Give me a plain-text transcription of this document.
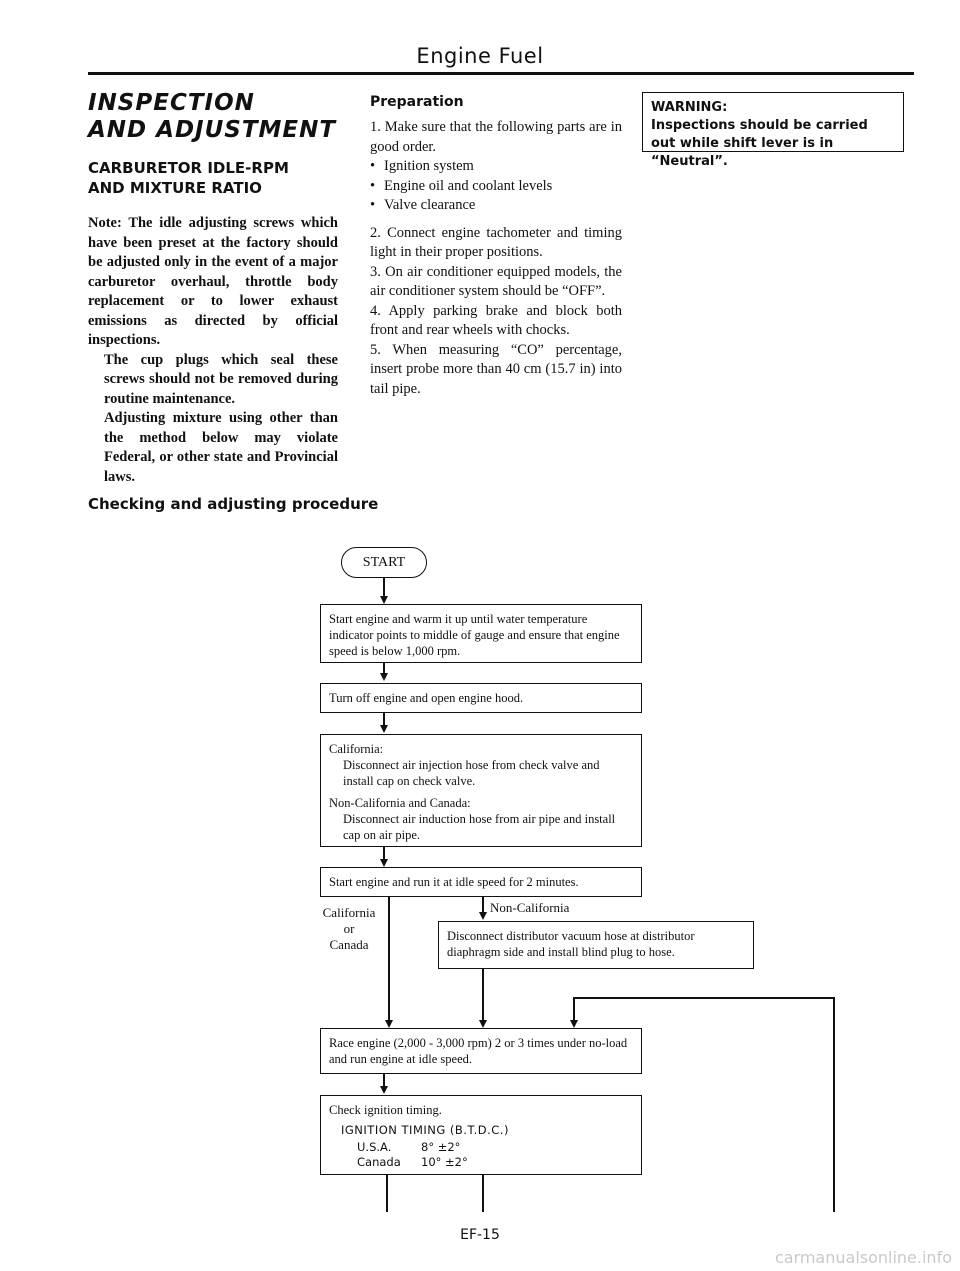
Engine Fuel
INSPECTION
AND ADJUSTMENT
CARBURETOR IDLE-RPM
AND MIXTURE RATIO

Note: The idle adjusting screws which have been preset at the factory should be adjusted only in the event of a major carburetor overhaul, throttle body replacement or to lower exhaust emissions as directed by official inspections.

The cup plugs which seal these screws should not be removed during routine maintenance.

Adjusting mixture using other than the method below may violate Federal, or other state and Provincial laws.

Preparation

1. Make sure that the following parts are in good order.

• Ignition system
• Engine oil and coolant levels
• Valve clearance

2. Connect engine tachometer and timing light in their proper positions.

3. On air conditioner equipped models, the air conditioner system should be “OFF”.

4. Apply parking brake and block both front and rear wheels with chocks.

5. When measuring “CO” percentage, insert probe more than 40 cm (15.7 in) into tail pipe.

WARNING:
Inspections should be carried out while shift lever is in “Neutral”.
Checking and adjusting procedure
START
Start engine and warm it up until water temperature indicator points to middle of gauge and ensure that engine speed is below 1,000 rpm.
Turn off engine and open engine hood.
California:
Disconnect air injection hose from check valve and install cap on check valve.
Non-California and Canada:
Disconnect air induction hose from air pipe and install cap on air pipe.
Start engine and run it at idle speed for 2 minutes.
California
or
Canada
Non-California
Disconnect distributor vacuum hose at distributor diaphragm side and install blind plug to hose.
Race engine (2,000 - 3,000 rpm) 2 or 3 times under no-load and run engine at idle speed.
Check ignition timing.
IGNITION TIMING (B.T.D.C.)
U.S.A.	8° ±2°
Canada 10° ±2°
EF-15
carmanualsonline.info
